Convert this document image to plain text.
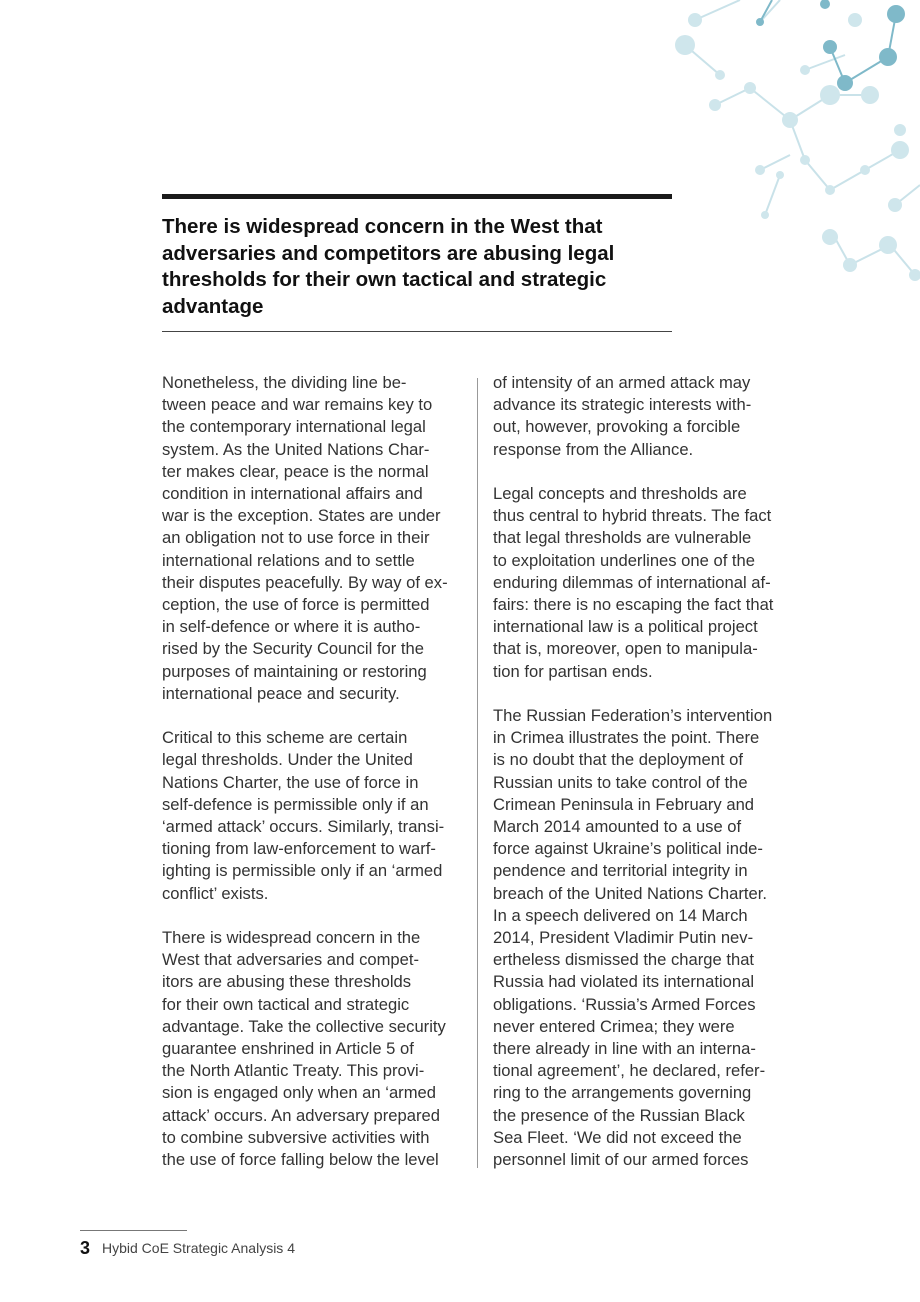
There is widespread concern in the West that adversaries and competitors are abusing legal thresholds for their own tactical and strategic advantage

Nonetheless, the dividing line be-
tween peace and war remains key to
the contemporary international legal
system. As the United Nations Char-
ter makes clear, peace is the normal
condition in international affairs and
war is the exception. States are under
an obligation not to use force in their
international relations and to settle
their disputes peacefully. By way of ex-
ception, the use of force is permitted
in self-defence or where it is autho-
rised by the Security Council for the
purposes of maintaining or restoring
international peace and security.

Critical to this scheme are certain
legal thresholds. Under the United
Nations Charter, the use of force in
self-defence is permissible only if an
‘armed attack’ occurs. Similarly, transi-
tioning from law-enforcement to warf-
ighting is permissible only if an ‘armed
conflict’ exists.

There is widespread concern in the
West that adversaries and compet-
itors are abusing these thresholds
for their own tactical and strategic
advantage. Take the collective security
guarantee enshrined in Article 5 of
the North Atlantic Treaty. This provi-
sion is engaged only when an ‘armed
attack’ occurs. An adversary prepared
to combine subversive activities with
the use of force falling below the level

of intensity of an armed attack may
advance its strategic interests with-
out, however, provoking a forcible
response from the Alliance.

Legal concepts and thresholds are
thus central to hybrid threats. The fact
that legal thresholds are vulnerable
to exploitation underlines one of the
enduring dilemmas of international af-
fairs: there is no escaping the fact that
international law is a political project
that is, moreover, open to manipula-
tion for partisan ends.

The Russian Federation’s intervention
in Crimea illustrates the point. There
is no doubt that the deployment of
Russian units to take control of the
Crimean Peninsula in February and
March 2014 amounted to a use of
force against Ukraine’s political inde-
pendence and territorial integrity in
breach of the United Nations Charter.
In a speech delivered on 14 March
2014, President Vladimir Putin nev-
ertheless dismissed the charge that
Russia had violated its international
obligations. ‘Russia’s Armed Forces
never entered Crimea; they were
there already in line with an interna-
tional agreement’, he declared, refer-
ring to the arrangements governing
the presence of the Russian Black
Sea Fleet. ‘We did not exceed the
personnel limit of our armed forces

3 Hybid CoE Strategic Analysis 4
